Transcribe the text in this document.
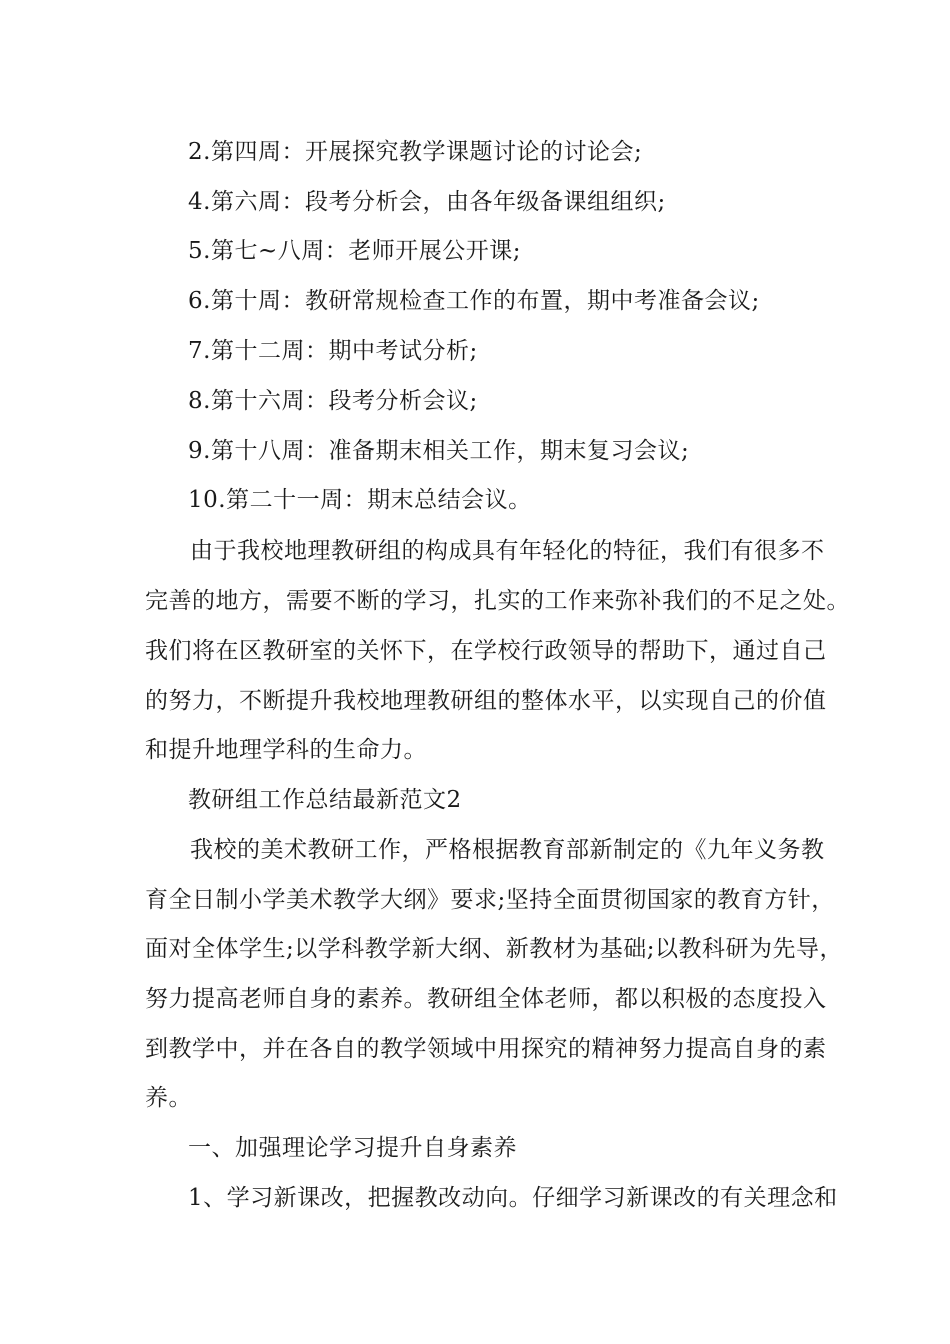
2.第四周：开展探究教学课题讨论的讨论会;
4.第六周：段考分析会，由各年级备课组组织;
5.第七~八周：老师开展公开课;
6.第十周：教研常规检查工作的布置，期中考准备会议;
7.第十二周：期中考试分析;
8.第十六周：段考分析会议;
9.第十八周：准备期末相关工作，期末复习会议;
10.第二十一周：期末总结会议。
由于我校地理教研组的构成具有年轻化的特征，我们有很多不
完善的地方，需要不断的学习，扎实的工作来弥补我们的不足之处。
我们将在区教研室的关怀下，在学校行政领导的帮助下，通过自己
的努力，不断提升我校地理教研组的整体水平，以实现自己的价值
和提升地理学科的生命力。
教研组工作总结最新范文2
我校的美术教研工作，严格根据教育部新制定的《九年义务教
育全日制小学美术教学大纲》要求;坚持全面贯彻国家的教育方针，
面对全体学生;以学科教学新大纲、新教材为基础;以教科研为先导，
努力提高老师自身的素养。教研组全体老师，都以积极的态度投入
到教学中，并在各自的教学领域中用探究的精神努力提高自身的素
养。
一、加强理论学习提升自身素养
1、学习新课改，把握教改动向。仔细学习新课改的有关理念和
